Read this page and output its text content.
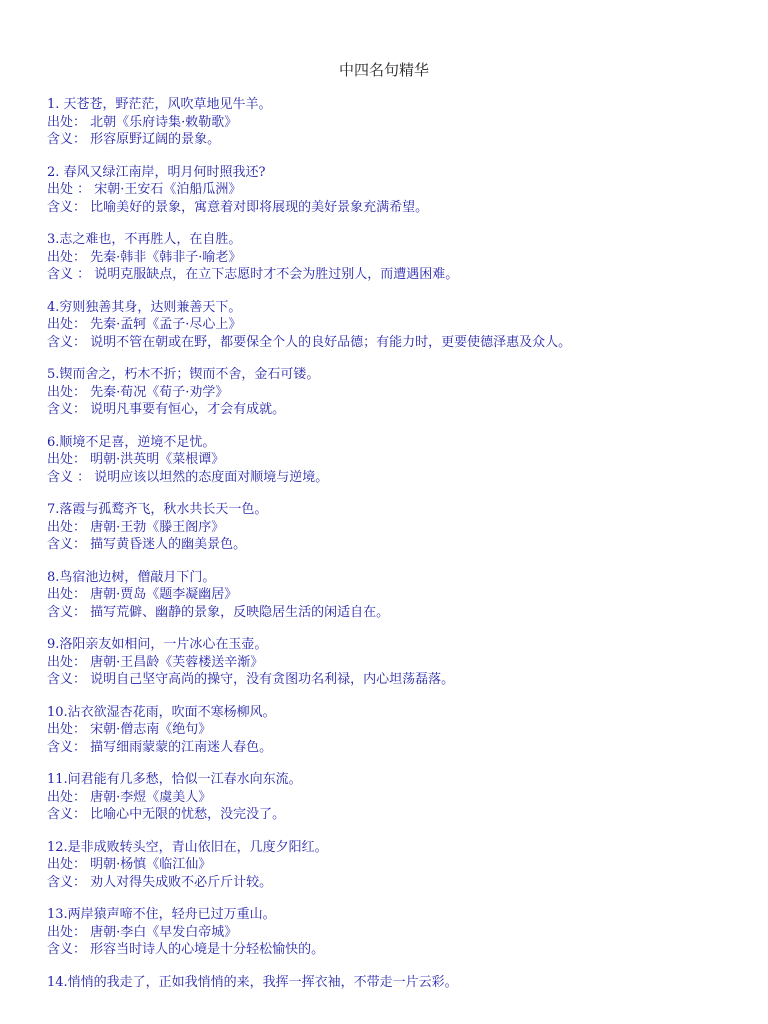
中四名句精华
1. 天苍苍，野茫茫，风吹草地见牛羊。
出处： 北朝《乐府诗集·敕勒歌》
含义： 形容原野辽阔的景象。
2. 春风又绿江南岸，明月何时照我还?
出处 ： 宋朝·王安石《泊船瓜洲》
含义： 比喻美好的景象，寓意着对即将展现的美好景象充满希望。
3.志之难也，不再胜人，在自胜。
出处： 先秦·韩非《韩非子·喻老》
含义 ： 说明克服缺点，在立下志愿时才不会为胜过别人，而遭遇困难。
4.穷则独善其身，达则兼善天下。
出处： 先秦·孟轲《孟子·尽心上》
含义： 说明不管在朝或在野，都要保全个人的良好品德；有能力时，更要使德泽惠及众人。
5.锲而舍之，朽木不折；锲而不舍，金石可镂。
出处： 先秦·荀况《荀子·劝学》
含义： 说明凡事要有恒心，才会有成就。
6.顺境不足喜，逆境不足忧。
出处： 明朝·洪英明《菜根谭》
含义 ： 说明应该以坦然的态度面对顺境与逆境。
7.落霞与孤鹜齐飞，秋水共长天一色。
出处： 唐朝·王勃《滕王阁序》
含义： 描写黄昏迷人的幽美景色。
8.鸟宿池边树，僧敲月下门。
出处： 唐朝·贾岛《题李凝幽居》
含义： 描写荒僻、幽静的景象，反映隐居生活的闲适自在。
9.洛阳亲友如相问，一片冰心在玉壶。
出处： 唐朝·王昌龄《芙蓉楼送辛渐》
含义： 说明自己坚守高尚的操守，没有贪图功名利禄，内心坦荡磊落。
10.沾衣欲湿杏花雨，吹面不寒杨柳风。
出处： 宋朝·僧志南《绝句》
含义： 描写细雨蒙蒙的江南迷人春色。
11.问君能有几多愁，恰似一江春水向东流。
出处： 唐朝·李煜《虞美人》
含义： 比喻心中无限的忧愁，没完没了。
12.是非成败转头空，青山依旧在，几度夕阳红。
出处： 明朝·杨慎《临江仙》
含义： 劝人对得失成败不必斤斤计较。
13.两岸猿声啼不住，轻舟已过万重山。
出处： 唐朝·李白《早发白帝城》
含义： 形容当时诗人的心境是十分轻松愉快的。
14.悄悄的我走了，正如我悄悄的来，我挥一挥衣袖，不带走一片云彩。
